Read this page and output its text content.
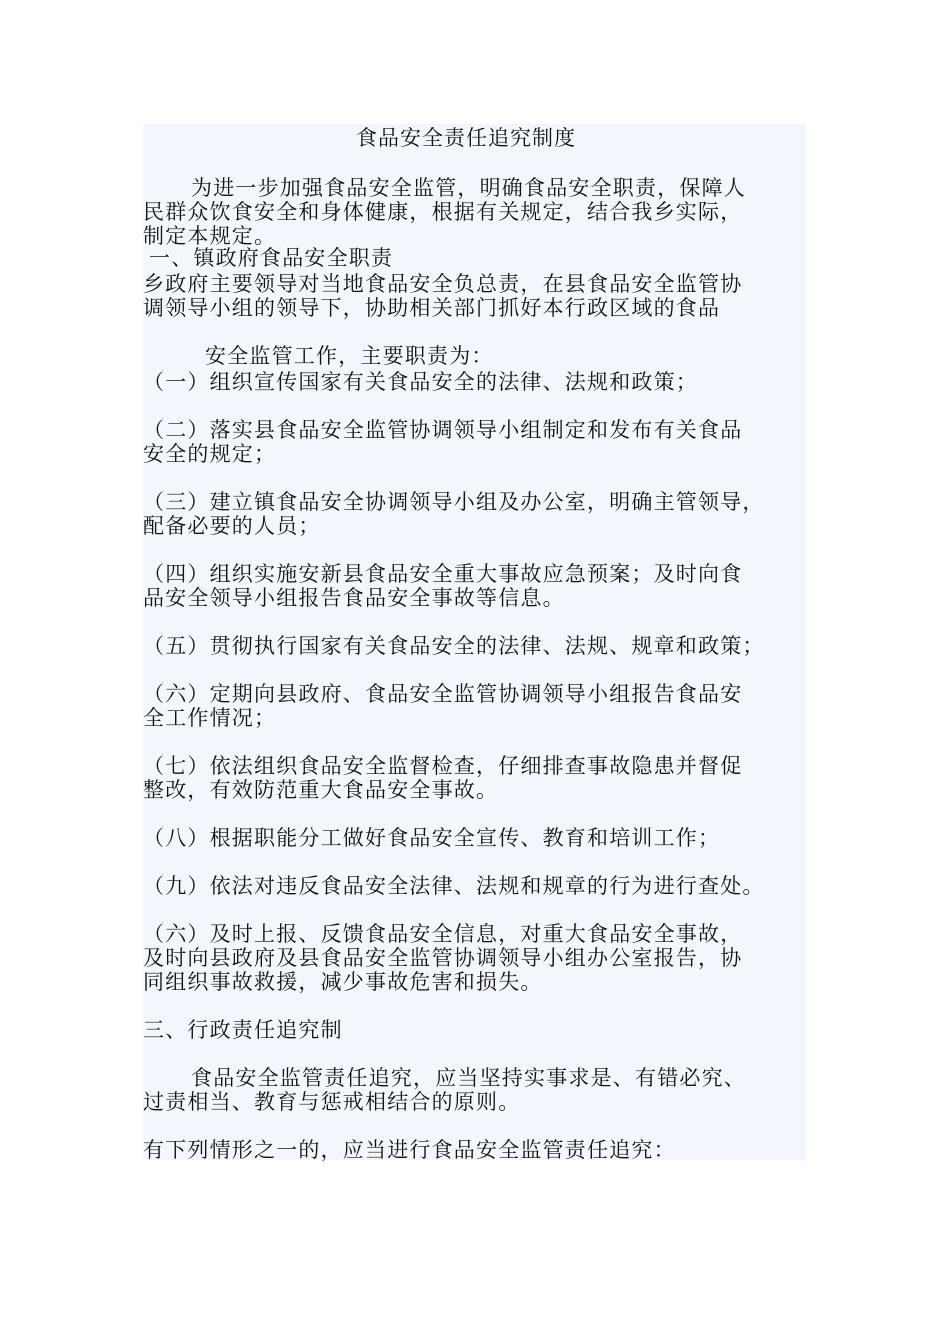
食品安全责任追究制度
为进一步加强食品安全监管，明确食品安全职责，保障人
民群众饮食安全和身体健康，根据有关规定，结合我乡实际，
制定本规定。
一、镇政府食品安全职责
乡政府主要领导对当地食品安全负总责，在县食品安全监管协
调领导小组的领导下，协助相关部门抓好本行政区域的食品
安全监管工作，主要职责为：
（一）组织宣传国家有关食品安全的法律、法规和政策；
（二）落实县食品安全监管协调领导小组制定和发布有关食品
安全的规定；
（三）建立镇食品安全协调领导小组及办公室，明确主管领导，
配备必要的人员；
（四）组织实施安新县食品安全重大事故应急预案；及时向食
品安全领导小组报告食品安全事故等信息。
（五）贯彻执行国家有关食品安全的法律、法规、规章和政策；
（六）定期向县政府、食品安全监管协调领导小组报告食品安
全工作情况；
（七）依法组织食品安全监督检查，仔细排查事故隐患并督促
整改，有效防范重大食品安全事故。
（八）根据职能分工做好食品安全宣传、教育和培训工作；
（九）依法对违反食品安全法律、法规和规章的行为进行查处。
（六）及时上报、反馈食品安全信息，对重大食品安全事故，
及时向县政府及县食品安全监管协调领导小组办公室报告，协
同组织事故救援，减少事故危害和损失。
三、行政责任追究制
食品安全监管责任追究，应当坚持实事求是、有错必究、
过责相当、教育与惩戒相结合的原则。
有下列情形之一的，应当进行食品安全监管责任追究：
